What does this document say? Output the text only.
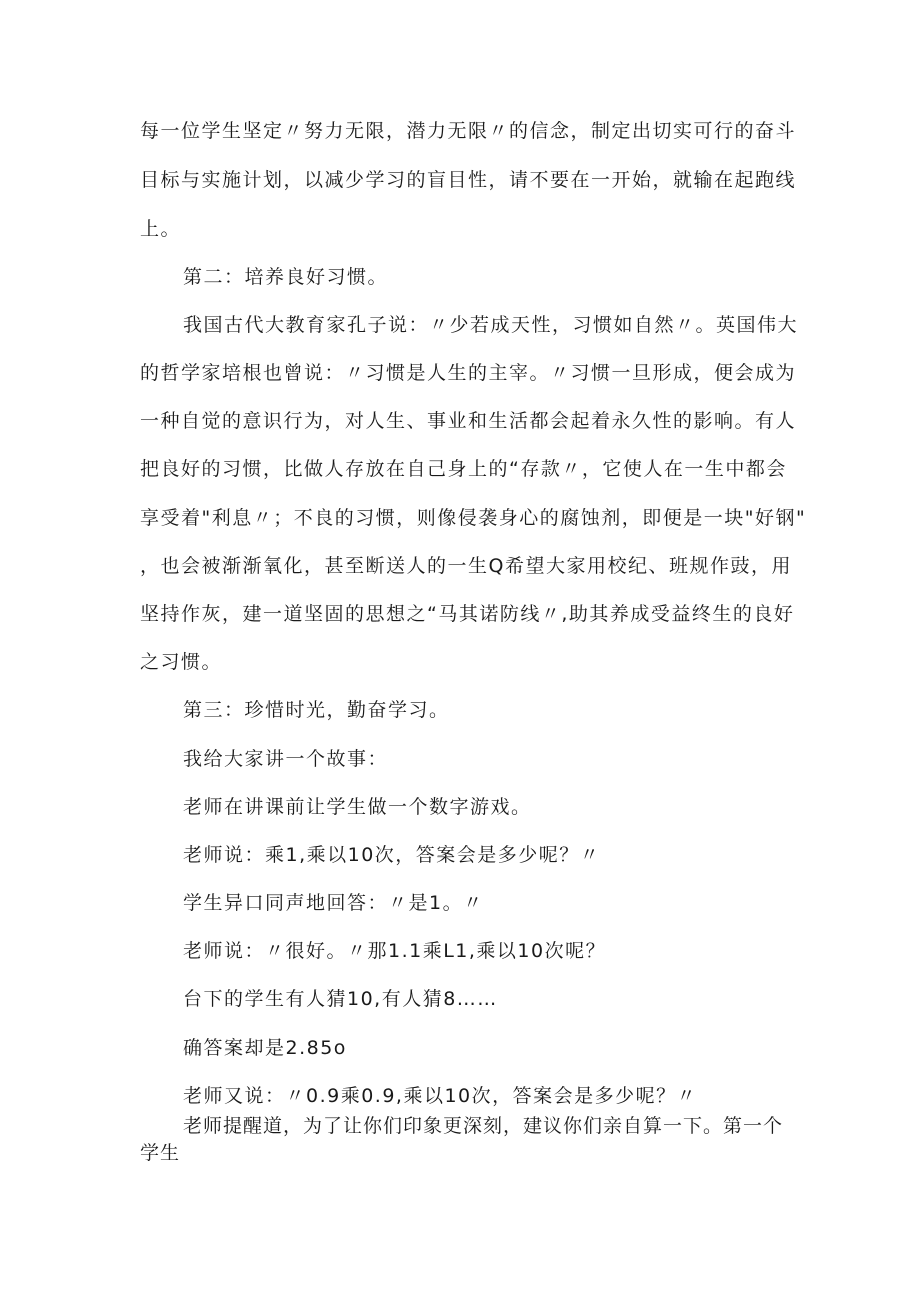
每一位学生坚定〃努力无限，潜力无限〃的信念，制定出切实可行的奋斗
目标与实施计划，以减少学习的盲目性，请不要在一开始，就输在起跑线
上。
第二：培养良好习惯。
我国古代大教育家孔子说：〃少若成天性，习惯如自然〃。英国伟大
的哲学家培根也曾说：〃习惯是人生的主宰。〃习惯一旦形成，便会成为
一种自觉的意识行为，对人生、事业和生活都会起着永久性的影响。有人
把良好的习惯，比做人存放在自己身上的“存款〃，它使人在一生中都会
享受着"利息〃；不良的习惯，则像侵袭身心的腐蚀剂，即便是一块"好钢"
，也会被渐渐氧化，甚至断送人的一生Q希望大家用校纪、班规作豉，用
坚持作灰，建一道坚固的思想之“马其诺防线〃,助其养成受益终生的良好
之习惯。
第三：珍惜时光，勤奋学习。
我给大家讲一个故事：
老师在讲课前让学生做一个数字游戏。
老师说：乘1,乘以10次，答案会是多少呢？〃
学生异口同声地回答：〃是1。〃
老师说：〃很好。〃那1.1乘L1,乘以10次呢？
台下的学生有人猜10,有人猜8……
确答案却是2.85o
老师又说：〃0.9乘0.9,乘以10次，答案会是多少呢？〃
老师提醒道，为了让你们印象更深刻，建议你们亲自算一下。第一个学生
